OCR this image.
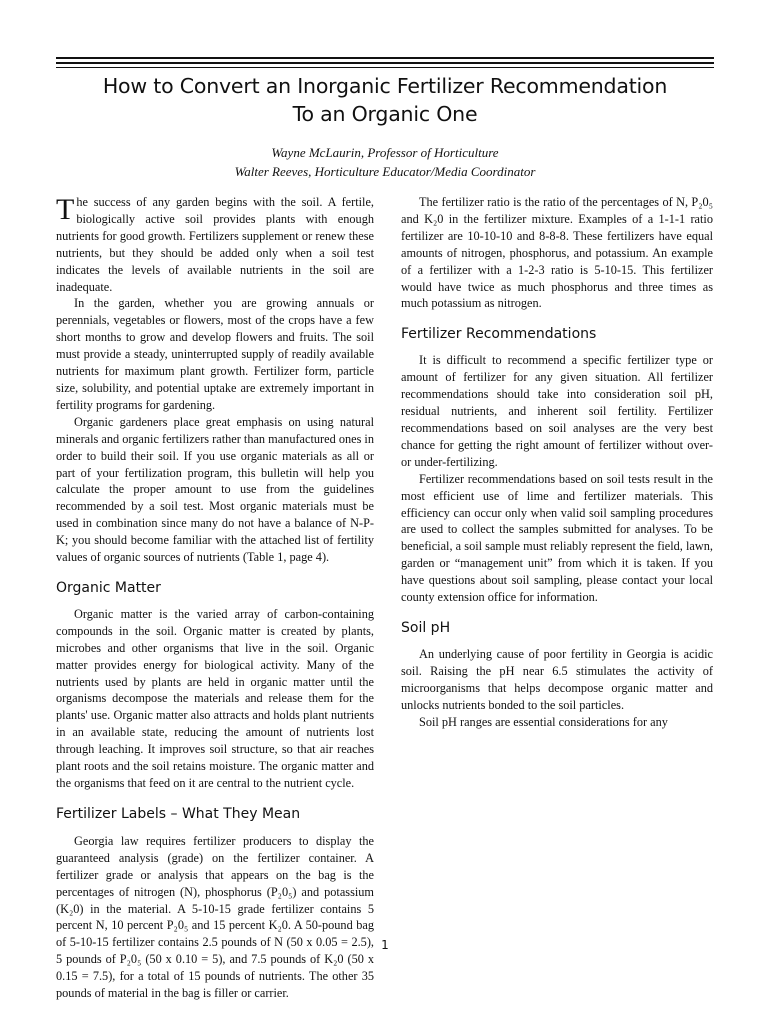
How to Convert an Inorganic Fertilizer Recommendation
To an Organic One
Wayne McLaurin, Professor of Horticulture
Walter Reeves, Horticulture Educator/Media Coordinator

The success of any garden begins with the soil. A fertile, biologically active soil provides plants with enough nutrients for good growth. Fertilizers supplement or renew these nutrients, but they should be added only when a soil test indicates the levels of available nutrients in the soil are inadequate.

In the garden, whether you are growing annuals or perennials, vegetables or flowers, most of the crops have a few short months to grow and develop flowers and fruits. The soil must provide a steady, uninterrupted supply of readily available nutrients for maximum plant growth. Fertilizer form, particle size, solubility, and potential uptake are extremely important in fertility programs for gardening.

Organic gardeners place great emphasis on using natural minerals and organic fertilizers rather than manufactured ones in order to build their soil. If you use organic materials as all or part of your fertilization program, this bulletin will help you calculate the proper amount to use from the guidelines recommended by a soil test. Most organic materials must be used in combination since many do not have a balance of N-P-K; you should become familiar with the attached list of fertility values of organic sources of nutrients (Table 1, page 4).

Organic Matter

Organic matter is the varied array of carbon-containing compounds in the soil. Organic matter is created by plants, microbes and other organisms that live in the soil. Organic matter provides energy for biological activity. Many of the nutrients used by plants are held in organic matter until the organisms decompose the materials and release them for the plants' use. Organic matter also attracts and holds plant nutrients in an available state, reducing the amount of nutrients lost through leaching. It improves soil structure, so that air reaches plant roots and the soil retains moisture. The organic matter and the organisms that feed on it are central to the nutrient cycle.

Fertilizer Labels – What They Mean

Georgia law requires fertilizer producers to display the guaranteed analysis (grade) on the fertilizer container. A fertilizer grade or analysis that appears on the bag is the percentages of nitrogen (N), phosphorus (P₂0₅) and potassium (K₂0) in the material. A 5-10-15 grade fertilizer contains 5 percent N, 10 percent P₂0₅ and 15 percent K₂0. A 50-pound bag of 5-10-15 fertilizer contains 2.5 pounds of N (50 x 0.05 = 2.5), 5 pounds of P₂0₅ (50 x 0.10 = 5), and 7.5 pounds of K₂0 (50 x 0.15 = 7.5), for a total of 15 pounds of nutrients. The other 35 pounds of material in the bag is filler or carrier.

The fertilizer ratio is the ratio of the percentages of N, P₂0₅ and K₂0 in the fertilizer mixture. Examples of a 1-1-1 ratio fertilizer are 10-10-10 and 8-8-8. These fertilizers have equal amounts of nitrogen, phosphorus, and potassium. An example of a fertilizer with a 1-2-3 ratio is 5-10-15. This fertilizer would have twice as much phosphorus and three times as much potassium as nitrogen.

Fertilizer Recommendations

It is difficult to recommend a specific fertilizer type or amount of fertilizer for any given situation. All fertilizer recommendations should take into consideration soil pH, residual nutrients, and inherent soil fertility. Fertilizer recommendations based on soil analyses are the very best chance for getting the right amount of fertilizer without over- or under-fertilizing.

Fertilizer recommendations based on soil tests result in the most efficient use of lime and fertilizer materials. This efficiency can occur only when valid soil sampling procedures are used to collect the samples submitted for analyses. To be beneficial, a soil sample must reliably represent the field, lawn, garden or “management unit” from which it is taken. If you have questions about soil sampling, please contact your local county extension office for information.

Soil pH

An underlying cause of poor fertility in Georgia is acidic soil. Raising the pH near 6.5 stimulates the activity of microorganisms that helps decompose organic matter and unlocks nutrients bonded to the soil particles.

Soil pH ranges are essential considerations for any

1
